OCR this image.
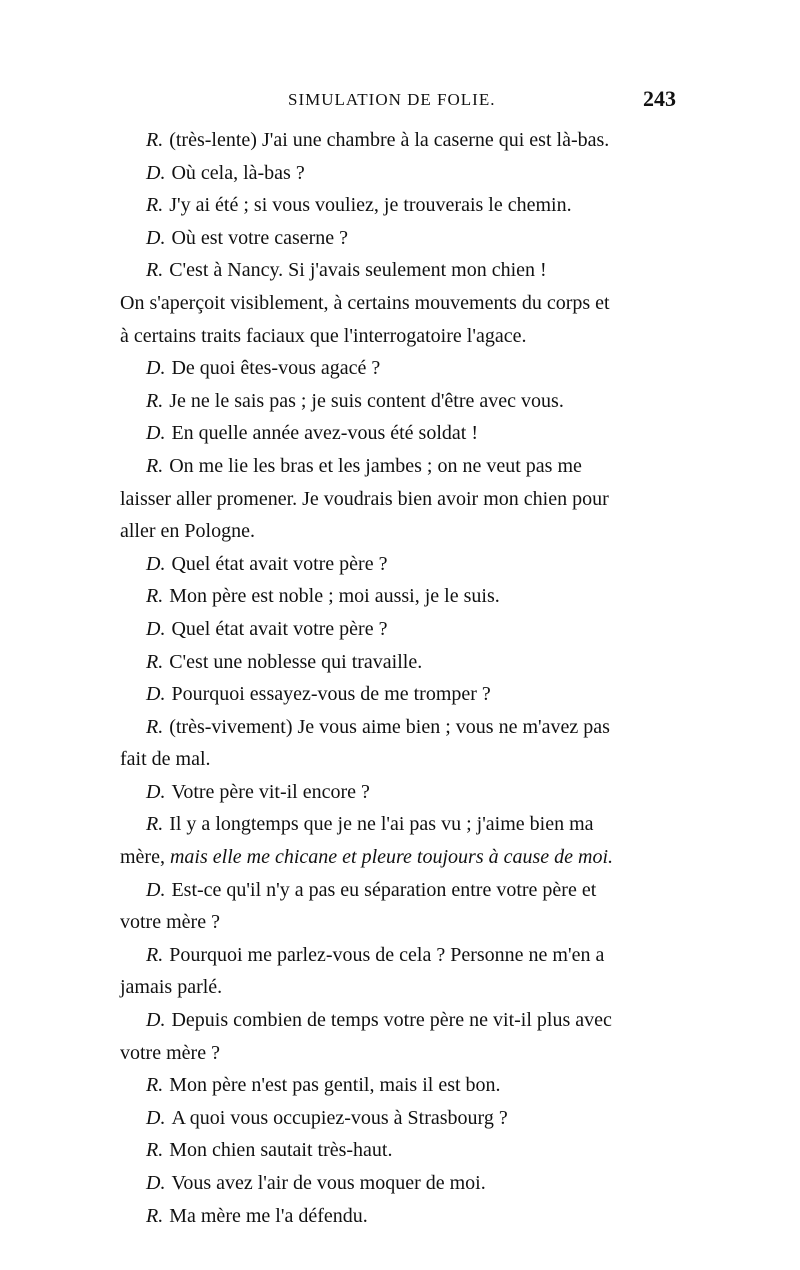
SIMULATION DE FOLIE.	243
R. (très-lente) J'ai une chambre à la caserne qui est là-bas.
D. Où cela, là-bas ?
R. J'y ai été ; si vous vouliez, je trouverais le chemin.
D. Où est votre caserne ?
R. C'est à Nancy. Si j'avais seulement mon chien !
On s'aperçoit visiblement, à certains mouvements du corps et
à certains traits faciaux que l'interrogatoire l'agace.
D. De quoi êtes-vous agacé ?
R. Je ne le sais pas ; je suis content d'être avec vous.
D. En quelle année avez-vous été soldat !
R. On me lie les bras et les jambes ; on ne veut pas me
laisser aller promener. Je voudrais bien avoir mon chien pour
aller en Pologne.
D. Quel état avait votre père ?
R. Mon père est noble ; moi aussi, je le suis.
D. Quel état avait votre père ?
R. C'est une noblesse qui travaille.
D. Pourquoi essayez-vous de me tromper ?
R. (très-vivement) Je vous aime bien ; vous ne m'avez pas
fait de mal.
D. Votre père vit-il encore ?
R. Il y a longtemps que je ne l'ai pas vu ; j'aime bien ma
mère, mais elle me chicane et pleure toujours à cause de moi.
D. Est-ce qu'il n'y a pas eu séparation entre votre père et
votre mère ?
R. Pourquoi me parlez-vous de cela ? Personne ne m'en a
jamais parlé.
D. Depuis combien de temps votre père ne vit-il plus avec
votre mère ?
R. Mon père n'est pas gentil, mais il est bon.
D. A quoi vous occupiez-vous à Strasbourg ?
R. Mon chien sautait très-haut.
D. Vous avez l'air de vous moquer de moi.
R. Ma mère me l'a défendu.
